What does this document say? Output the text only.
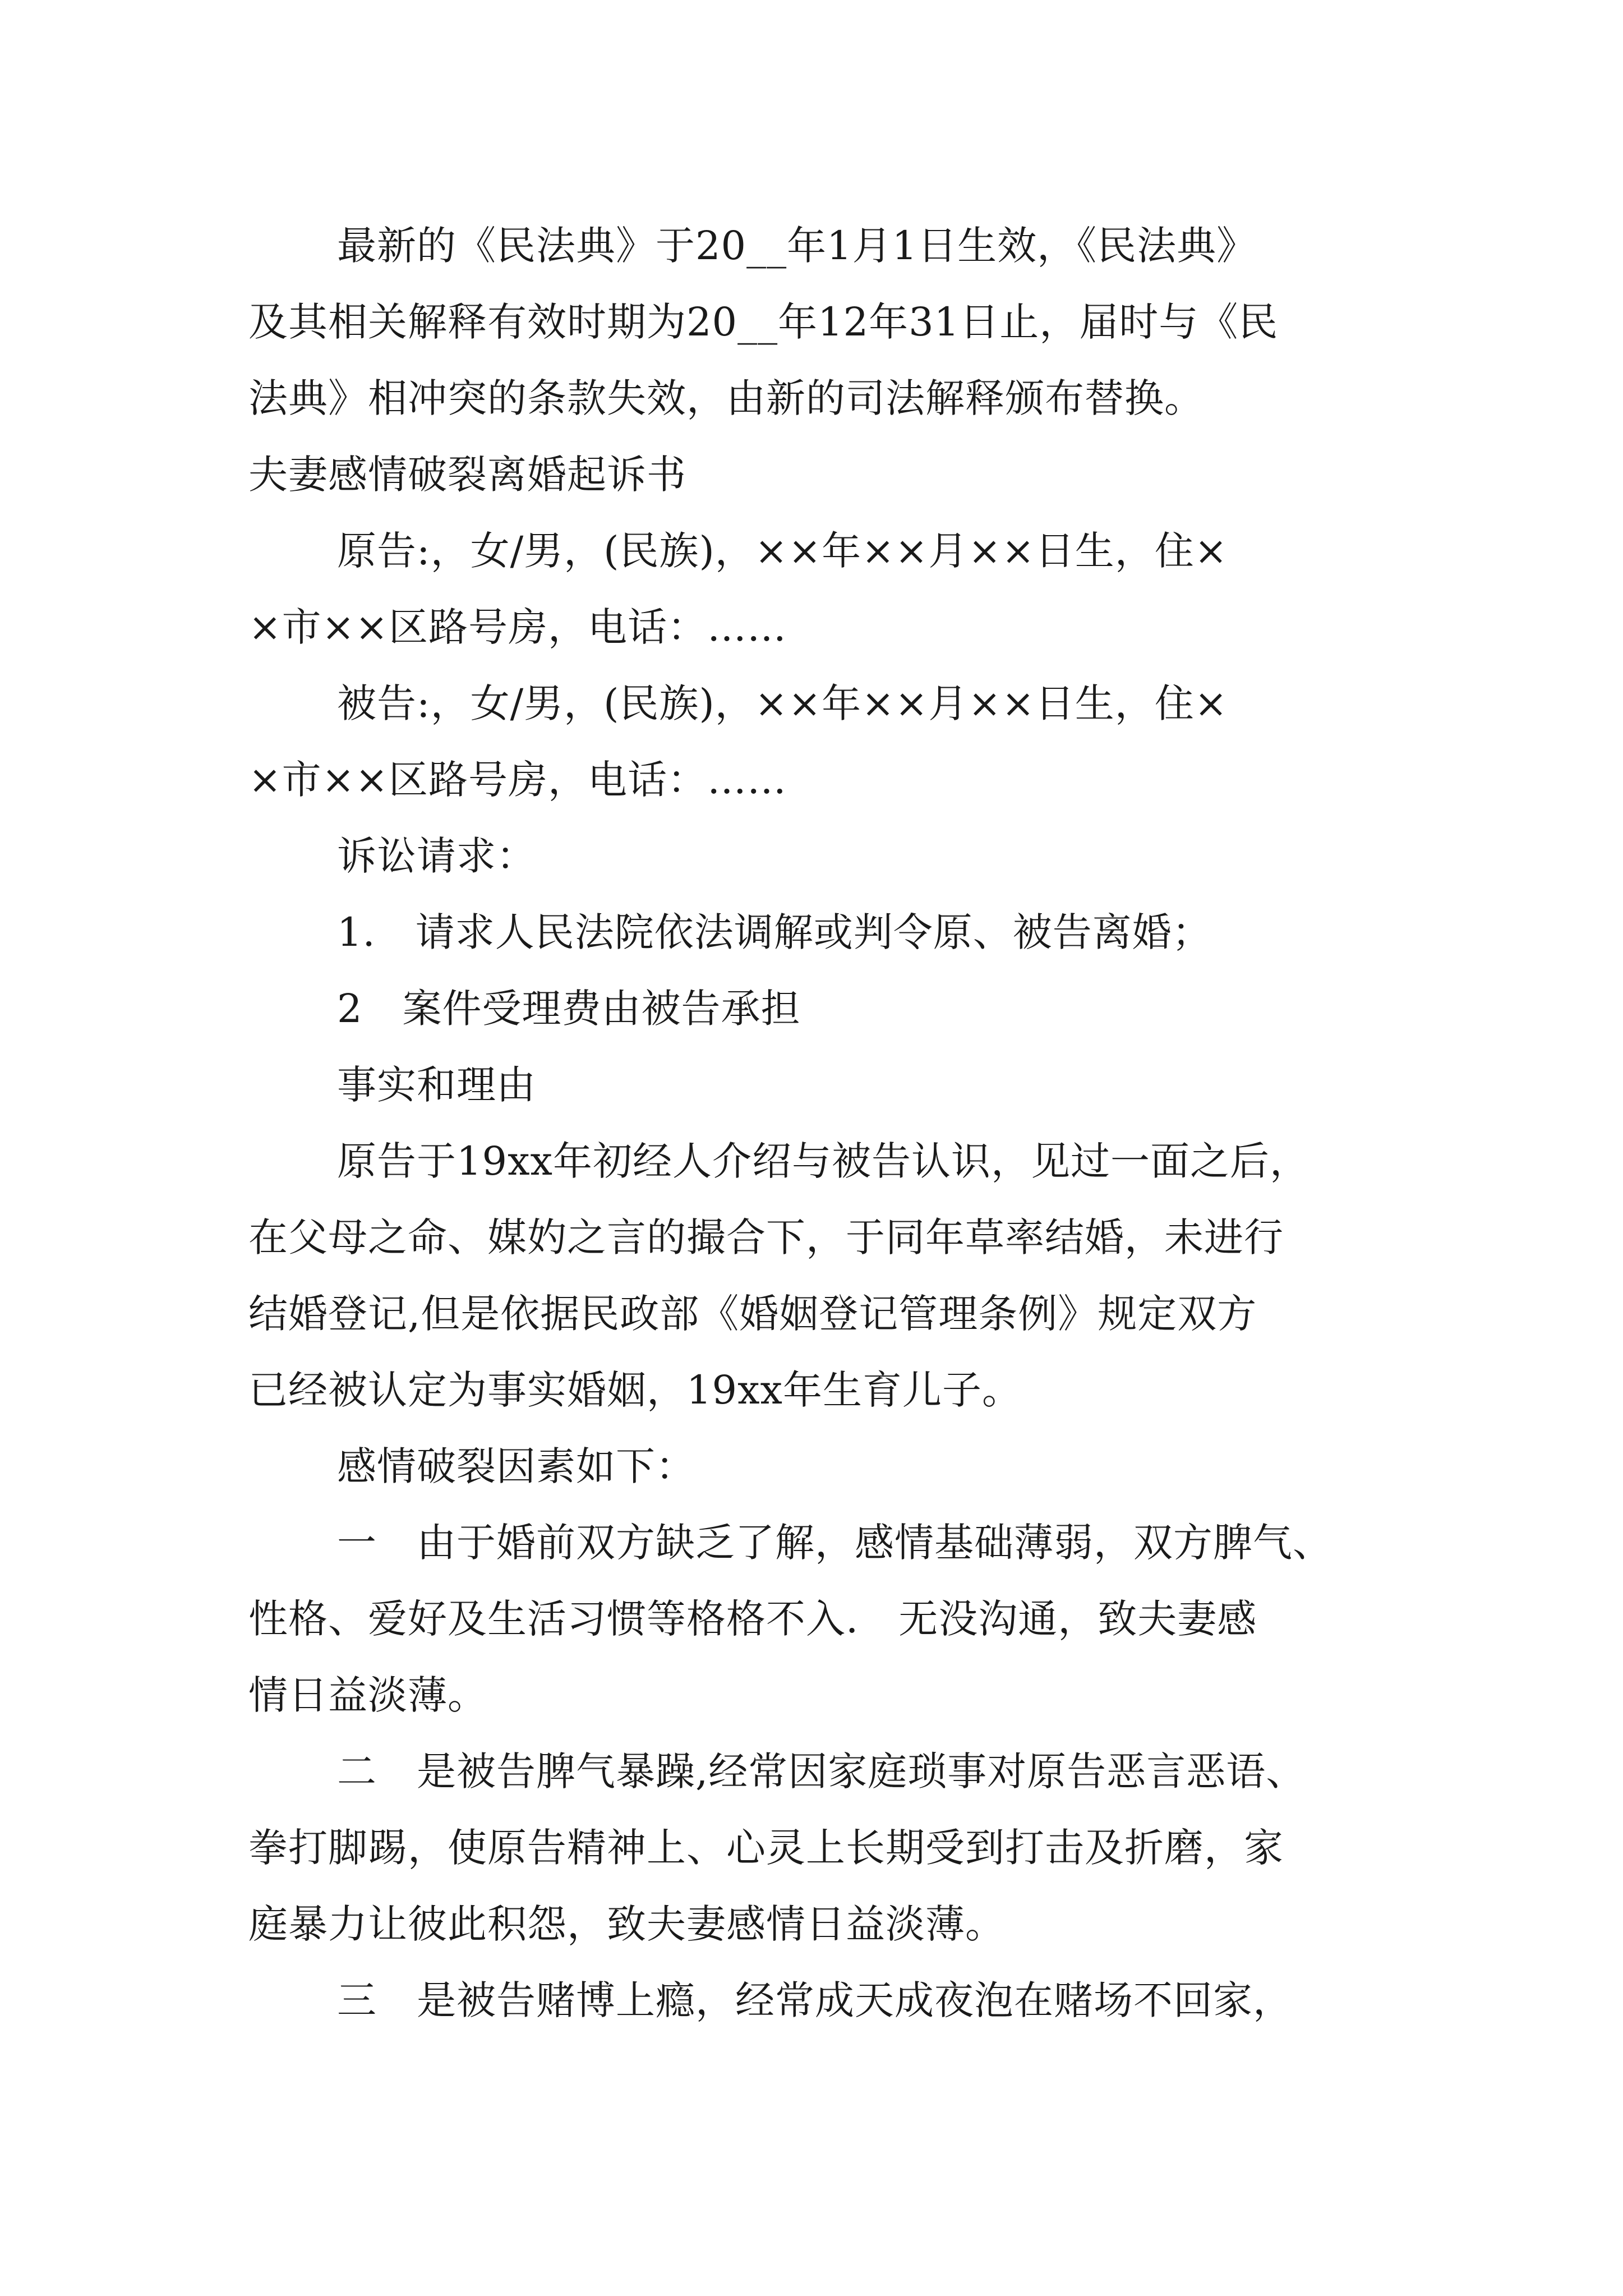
最新的《民法典》于20__年1月1日生效，《民法典》
及其相关解释有效时期为20__年12年31日止，届时与《民
法典》相冲突的条款失效，由新的司法解释颁布替换。
夫妻感情破裂离婚起诉书
原告:，女/男，(民族)，××年××月××日生，住×
×市××区路号房，电话：……
被告:，女/男，(民族)，××年××月××日生，住×
×市××区路号房，电话：……
诉讼请求：
1.　请求人民法院依法调解或判令原、被告离婚；
2　案件受理费由被告承担
事实和理由
原告于19xx年初经人介绍与被告认识，见过一面之后，
在父母之命、媒妁之言的撮合下，于同年草率结婚，未进行
结婚登记,但是依据民政部《婚姻登记管理条例》规定双方
已经被认定为事实婚姻，19xx年生育儿子。
感情破裂因素如下：
一　由于婚前双方缺乏了解，感情基础薄弱，双方脾气、
性格、爱好及生活习惯等格格不入.　无没沟通，致夫妻感
情日益淡薄。
二　是被告脾气暴躁,经常因家庭琐事对原告恶言恶语、
拳打脚踢，使原告精神上、心灵上长期受到打击及折磨，家
庭暴力让彼此积怨，致夫妻感情日益淡薄。
三　是被告赌博上瘾，经常成天成夜泡在赌场不回家，
